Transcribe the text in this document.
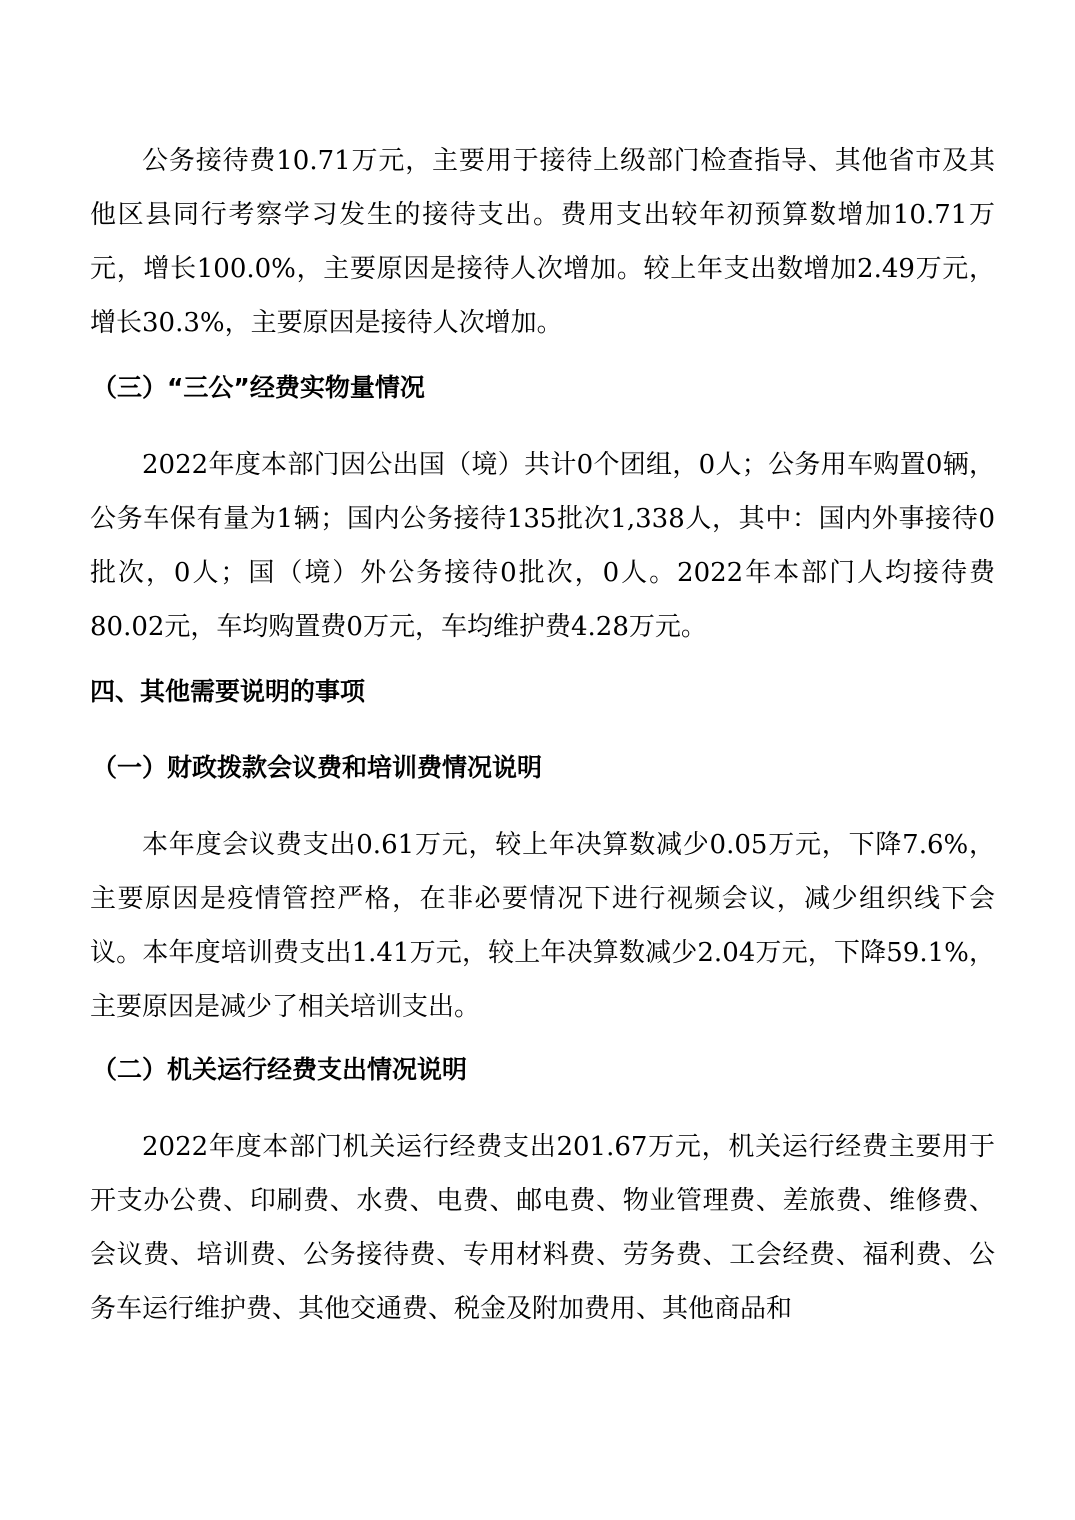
公务接待费10.71万元，主要用于接待上级部门检查指导、其他省市及其他区县同行考察学习发生的接待支出。费用支出较年初预算数增加10.71万元，增长100.0%，主要原因是接待人次增加。较上年支出数增加2.49万元，增长30.3%，主要原因是接待人次增加。

（三）“三公”经费实物量情况

2022年度本部门因公出国（境）共计0个团组，0人；公务用车购置0辆，公务车保有量为1辆；国内公务接待135批次1,338人，其中：国内外事接待0批次，0人；国（境）外公务接待0批次，0人。2022年本部门人均接待费80.02元，车均购置费0万元，车均维护费4.28万元。

四、其他需要说明的事项

（一）财政拨款会议费和培训费情况说明

本年度会议费支出0.61万元，较上年决算数减少0.05万元，下降7.6%，主要原因是疫情管控严格，在非必要情况下进行视频会议，减少组织线下会议。本年度培训费支出1.41万元，较上年决算数减少2.04万元，下降59.1%，主要原因是减少了相关培训支出。

（二）机关运行经费支出情况说明

2022年度本部门机关运行经费支出201.67万元，机关运行经费主要用于开支办公费、印刷费、水费、电费、邮电费、物业管理费、差旅费、维修费、会议费、培训费、公务接待费、专用材料费、劳务费、工会经费、福利费、公务车运行维护费、其他交通费、税金及附加费用、其他商品和
